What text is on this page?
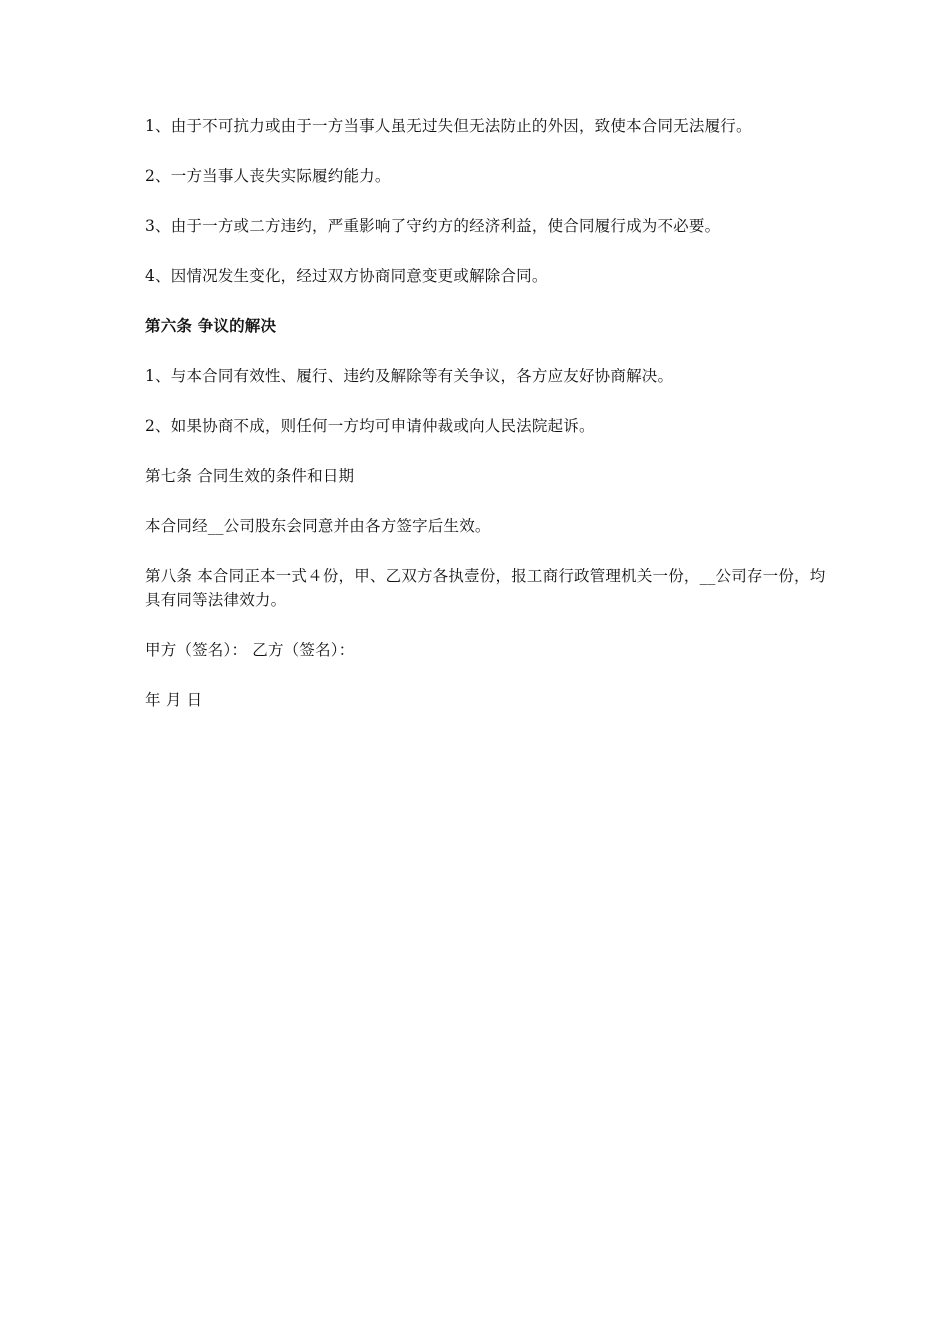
1、由于不可抗力或由于一方当事人虽无过失但无法防止的外因，致使本合同无法履行。

2、一方当事人丧失实际履约能力。

3、由于一方或二方违约，严重影响了守约方的经济利益，使合同履行成为不必要。

4、因情况发生变化，经过双方协商同意变更或解除合同。

第六条 争议的解决

1、与本合同有效性、履行、违约及解除等有关争议，各方应友好协商解决。

2、如果协商不成，则任何一方均可申请仲裁或向人民法院起诉。

第七条 合同生效的条件和日期

本合同经__公司股东会同意并由各方签字后生效。

第八条 本合同正本一式４份，甲、乙双方各执壹份，报工商行政管理机关一份，__公司存一份，均具有同等法律效力。

甲方（签名）： 乙方（签名）：

年 月 日
